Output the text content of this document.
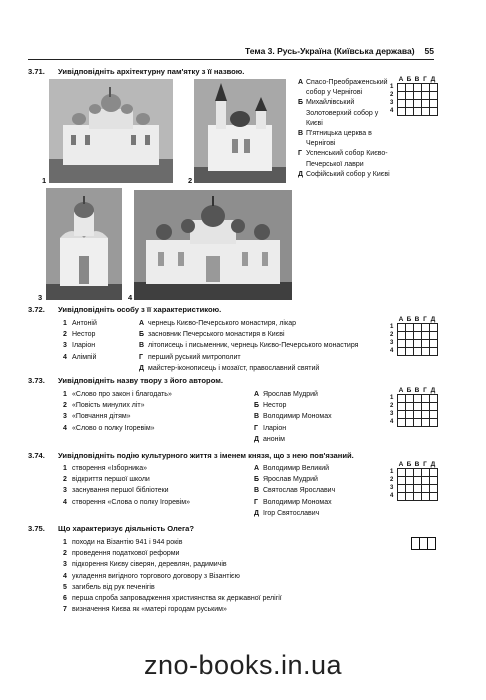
Тема 3. Русь-Україна (Київська держава) 55
3.71. Уивідповідніть архітектурну пам'ятку з її назвою.
1	2
3	4
А Спасо-Преображенський собор у Чернігові
Б Михайлівський Золотоверхий собор у Києві
В П'ятницька церква в Чернігові
Г Успенський собор Києво-Печерської лаври
Д Софійський собор у Києві
А Б В Г Д
1
2
3
4
3.72. Уивідповідніть особу з її характеристикою.
1 Антоній
2 Нестор
3 Іларіон
4 Алімпій
А чернець Києво-Печерського монастиря, лікар
Б засновник Печерського монастиря в Києві
В літописець і письменник, чернець Києво-Печерського монастиря
Г перший руський митрополит
Д майстер-іконописець і мозаїст, православний святий
А Б В Г Д
1
2
3
4
3.73. Уивідповідніть назву твору з його автором.
1 «Слово про закон і благодать»
2 «Повість минулих літ»
3 «Повчання дітям»
4 «Слово о полку Ігоревім»
А Ярослав Мудрий
Б Нестор
В Володимир Мономах
Г Іларіон
Д анонім
А Б В Г Д
1
2
3
4
3.74. Уивідповідніть подію культурного життя з іменем князя, що з нею пов'язаний.
1 створення «Ізборника»
2 відкриття першої школи
3 заснування першої бібліотеки
4 створення «Слова о полку Ігоревім»
А Володимир Великий
Б Ярослав Мудрий
В Святослав Ярославич
Г Володимир Мономах
Д Ігор Святославич
А Б В Г Д
1
2
3
4
3.75. Що характеризує діяльність Олега?
1 походи на Візантію 941 і 944 років
2 проведення податкової реформи
3 підкорення Києву сіверян, деревлян, радимичів
4 укладення вигідного торгового договору з Візантією
5 загибель від рук печенігів
6 перша спроба запровадження християнства як державної релігії
7 визначення Києва як «матері городам руським»
zno-books.in.ua
